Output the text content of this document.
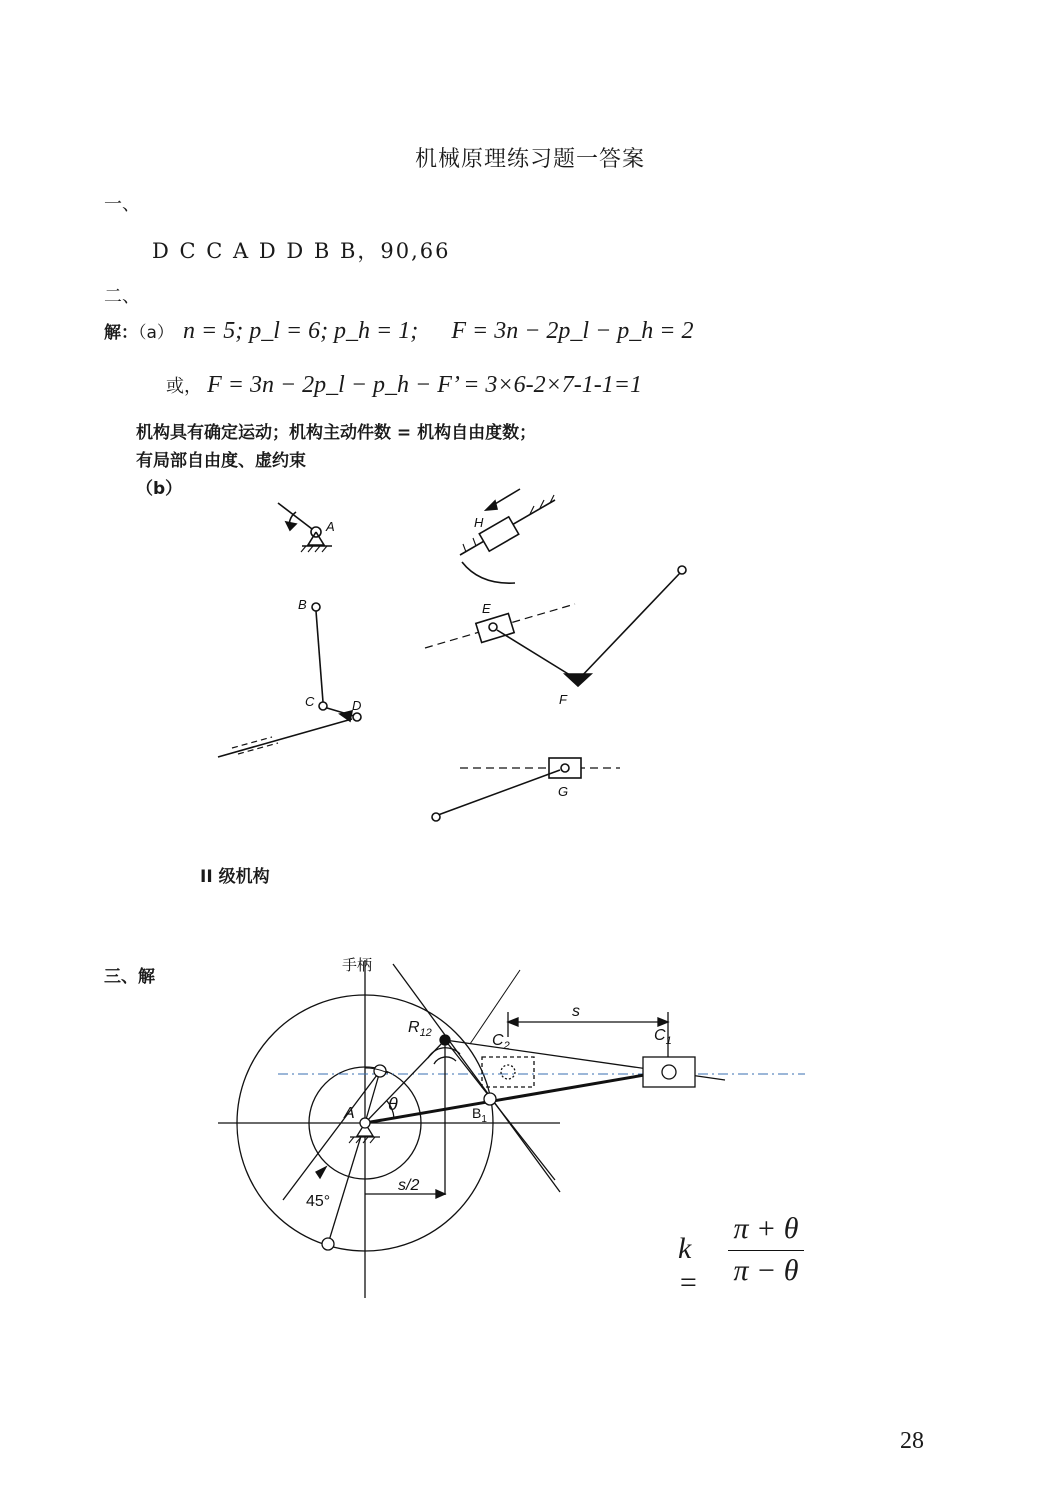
机械原理练习题一答案
一、
D C C A D D B B，90,66
二、
解：（a） n = 5; p_l = 6; p_h = 1; F = 3n − 2p_l − p_h = 2
或， F = 3n − 2p_l − p_h − F’ = 3×6-2×7-1-1=1
机构具有确定运动；机构主动件数 = 机构自由度数；
有局部自由度、虚约束
（b）
A	H
B
C	D
E
F
G
II 级机构
三、解
手柄
$R_{12}$	$C_2$
$C_1$
$B_1$
A θ
s
s/2
45°
k =
π + θ
π − θ
28
